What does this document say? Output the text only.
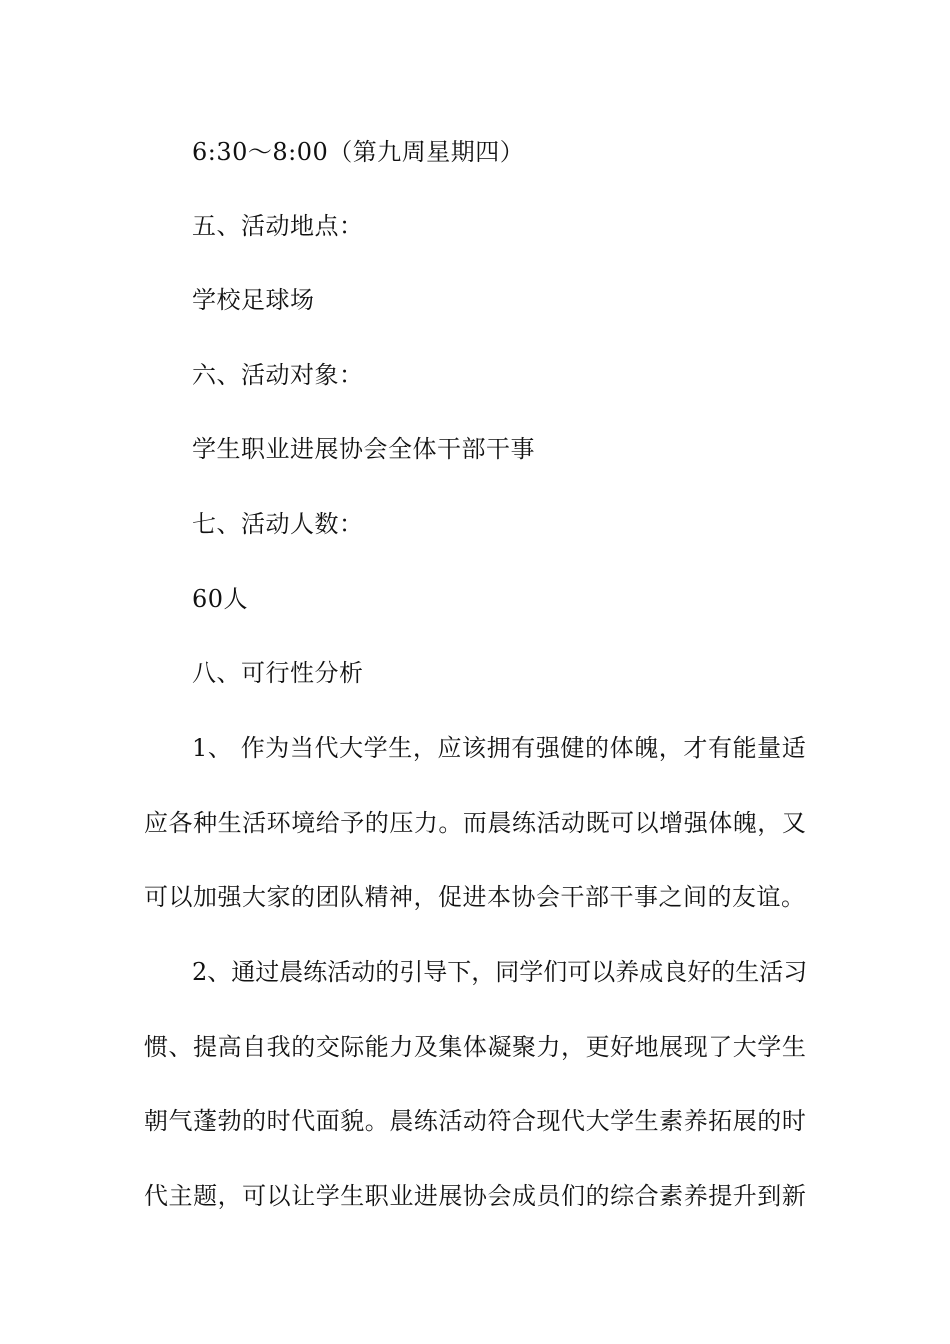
6:30～8:00（第九周星期四）
五、活动地点：
学校足球场
六、活动对象：
学生职业进展协会全体干部干事
七、活动人数：
60人
八、可行性分析
1 、
作 为 当 代 大 学 生 ， 应 该 拥 有 强 健 的 体 魄 ， 才 有 能 量 适
应 各 种 生 活 环 境 给 予 的 压 力 。 而 晨 练 活 动 既 可 以 增 强 体 魄 ， 又
可以加强大家的团队精神，促进本协会干部干事之间的友谊。
2 、 通 过 晨 练 活 动 的 引 导 下 ， 同 学 们 可 以 养 成 良 好 的 生 活 习
惯 、 提 高 自 我 的 交 际 能 力 及 集 体 凝 聚 力 ， 更 好 地 展 现 了 大 学 生
朝 气 蓬 勃 的 时 代 面 貌 。 晨 练 活 动 符 合 现 代 大 学 生 素 养 拓 展 的 时
代 主 题 ， 可 以 让 学 生 职 业 进 展 协 会 成 员 们 的 综 合 素 养 提 升 到 新
